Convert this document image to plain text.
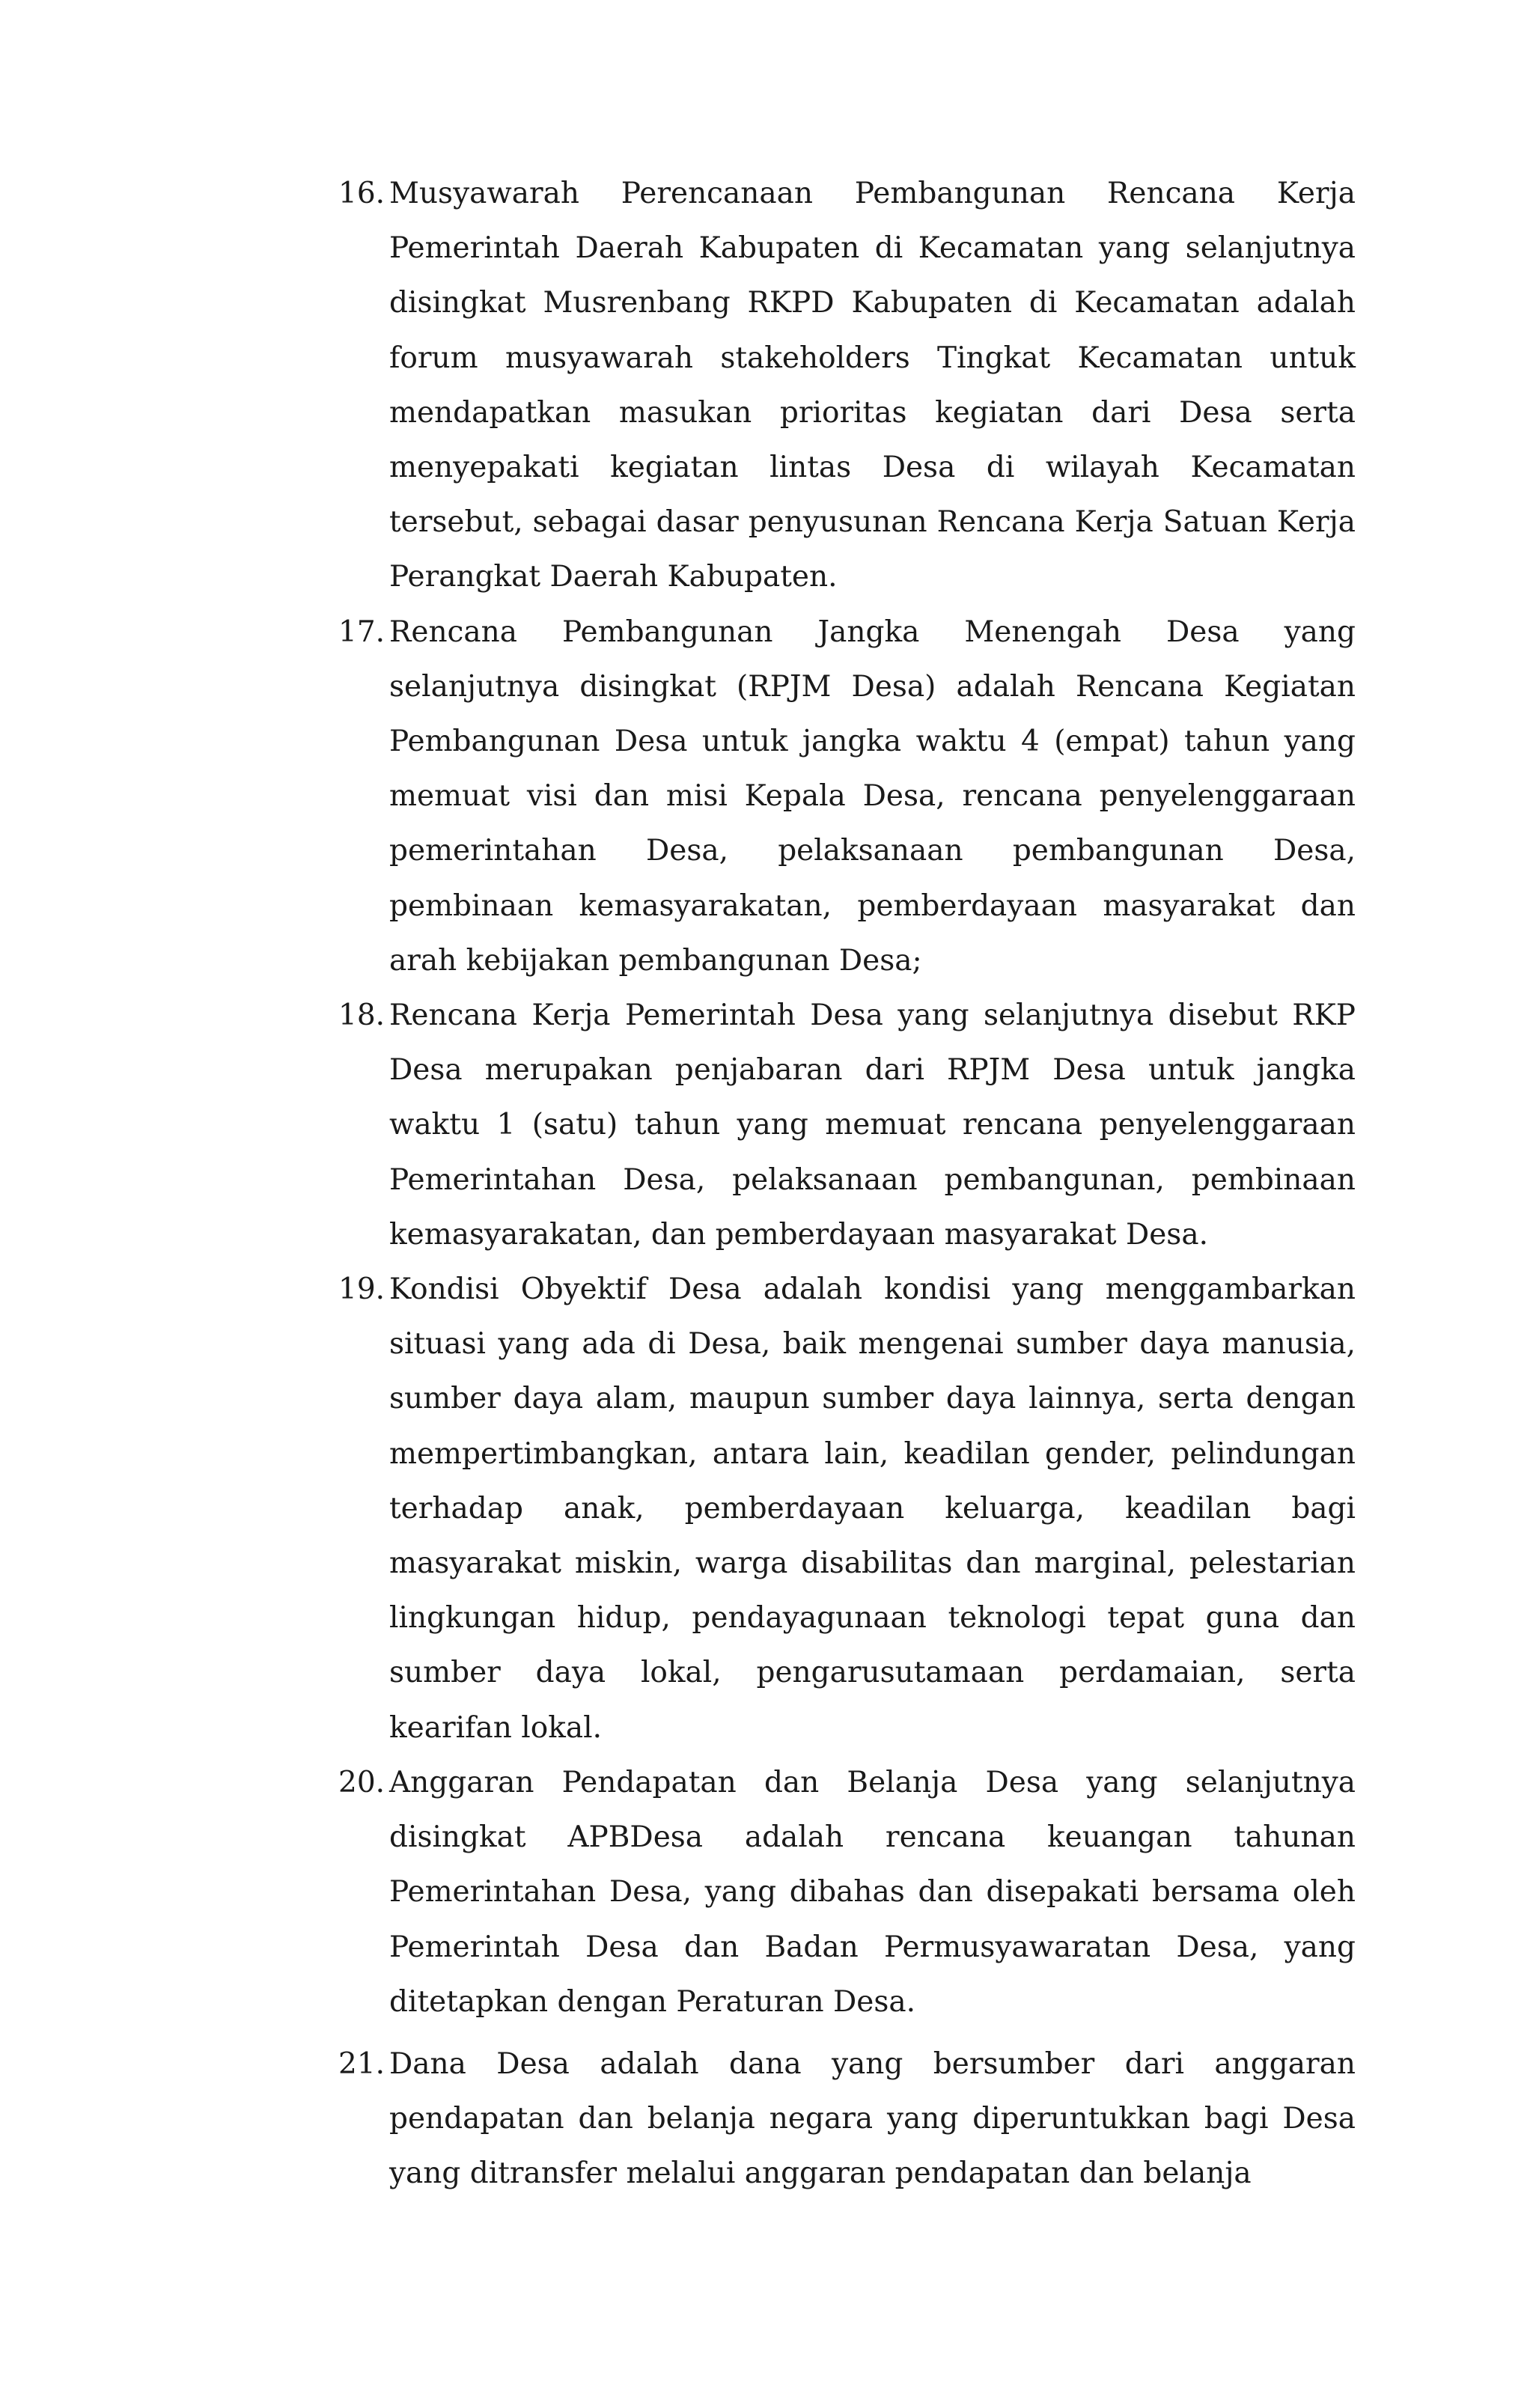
16. Musyawarah Perencanaan Pembangunan Rencana Kerja Pemerintah Daerah Kabupaten di Kecamatan yang selanjutnya disingkat Musrenbang RKPD Kabupaten di Kecamatan adalah forum musyawarah stakeholders Tingkat Kecamatan untuk mendapatkan masukan prioritas kegiatan dari Desa serta menyepakati kegiatan lintas Desa di wilayah Kecamatan tersebut, sebagai dasar penyusunan Rencana Kerja Satuan Kerja Perangkat Daerah Kabupaten.
17. Rencana Pembangunan Jangka Menengah Desa yang selanjutnya disingkat (RPJM Desa) adalah Rencana Kegiatan Pembangunan Desa untuk jangka waktu 4 (empat) tahun yang memuat visi dan misi Kepala Desa, rencana penyelenggaraan pemerintahan Desa, pelaksanaan pembangunan Desa, pembinaan kemasyarakatan, pemberdayaan masyarakat dan arah kebijakan pembangunan Desa;
18. Rencana Kerja Pemerintah Desa yang selanjutnya disebut RKP Desa merupakan penjabaran dari RPJM Desa untuk jangka waktu 1 (satu) tahun yang memuat rencana penyelenggaraan Pemerintahan Desa, pelaksanaan pembangunan, pembinaan kemasyarakatan, dan pemberdayaan masyarakat Desa.
19. Kondisi Obyektif Desa adalah kondisi yang menggambarkan situasi yang ada di Desa, baik mengenai sumber daya manusia, sumber daya alam, maupun sumber daya lainnya, serta dengan mempertimbangkan, antara lain, keadilan gender, pelindungan terhadap anak, pemberdayaan keluarga, keadilan bagi masyarakat miskin, warga disabilitas dan marginal, pelestarian lingkungan hidup, pendayagunaan teknologi tepat guna dan sumber daya lokal, pengarusutamaan perdamaian, serta kearifan lokal.
20. Anggaran Pendapatan dan Belanja Desa yang selanjutnya disingkat APBDesa adalah rencana keuangan tahunan Pemerintahan Desa, yang dibahas dan disepakati bersama oleh Pemerintah Desa dan Badan Permusyawaratan Desa, yang ditetapkan dengan Peraturan Desa.
21. Dana Desa adalah dana yang bersumber dari anggaran pendapatan dan belanja negara yang diperuntukkan bagi Desa yang ditransfer melalui anggaran pendapatan dan belanja
